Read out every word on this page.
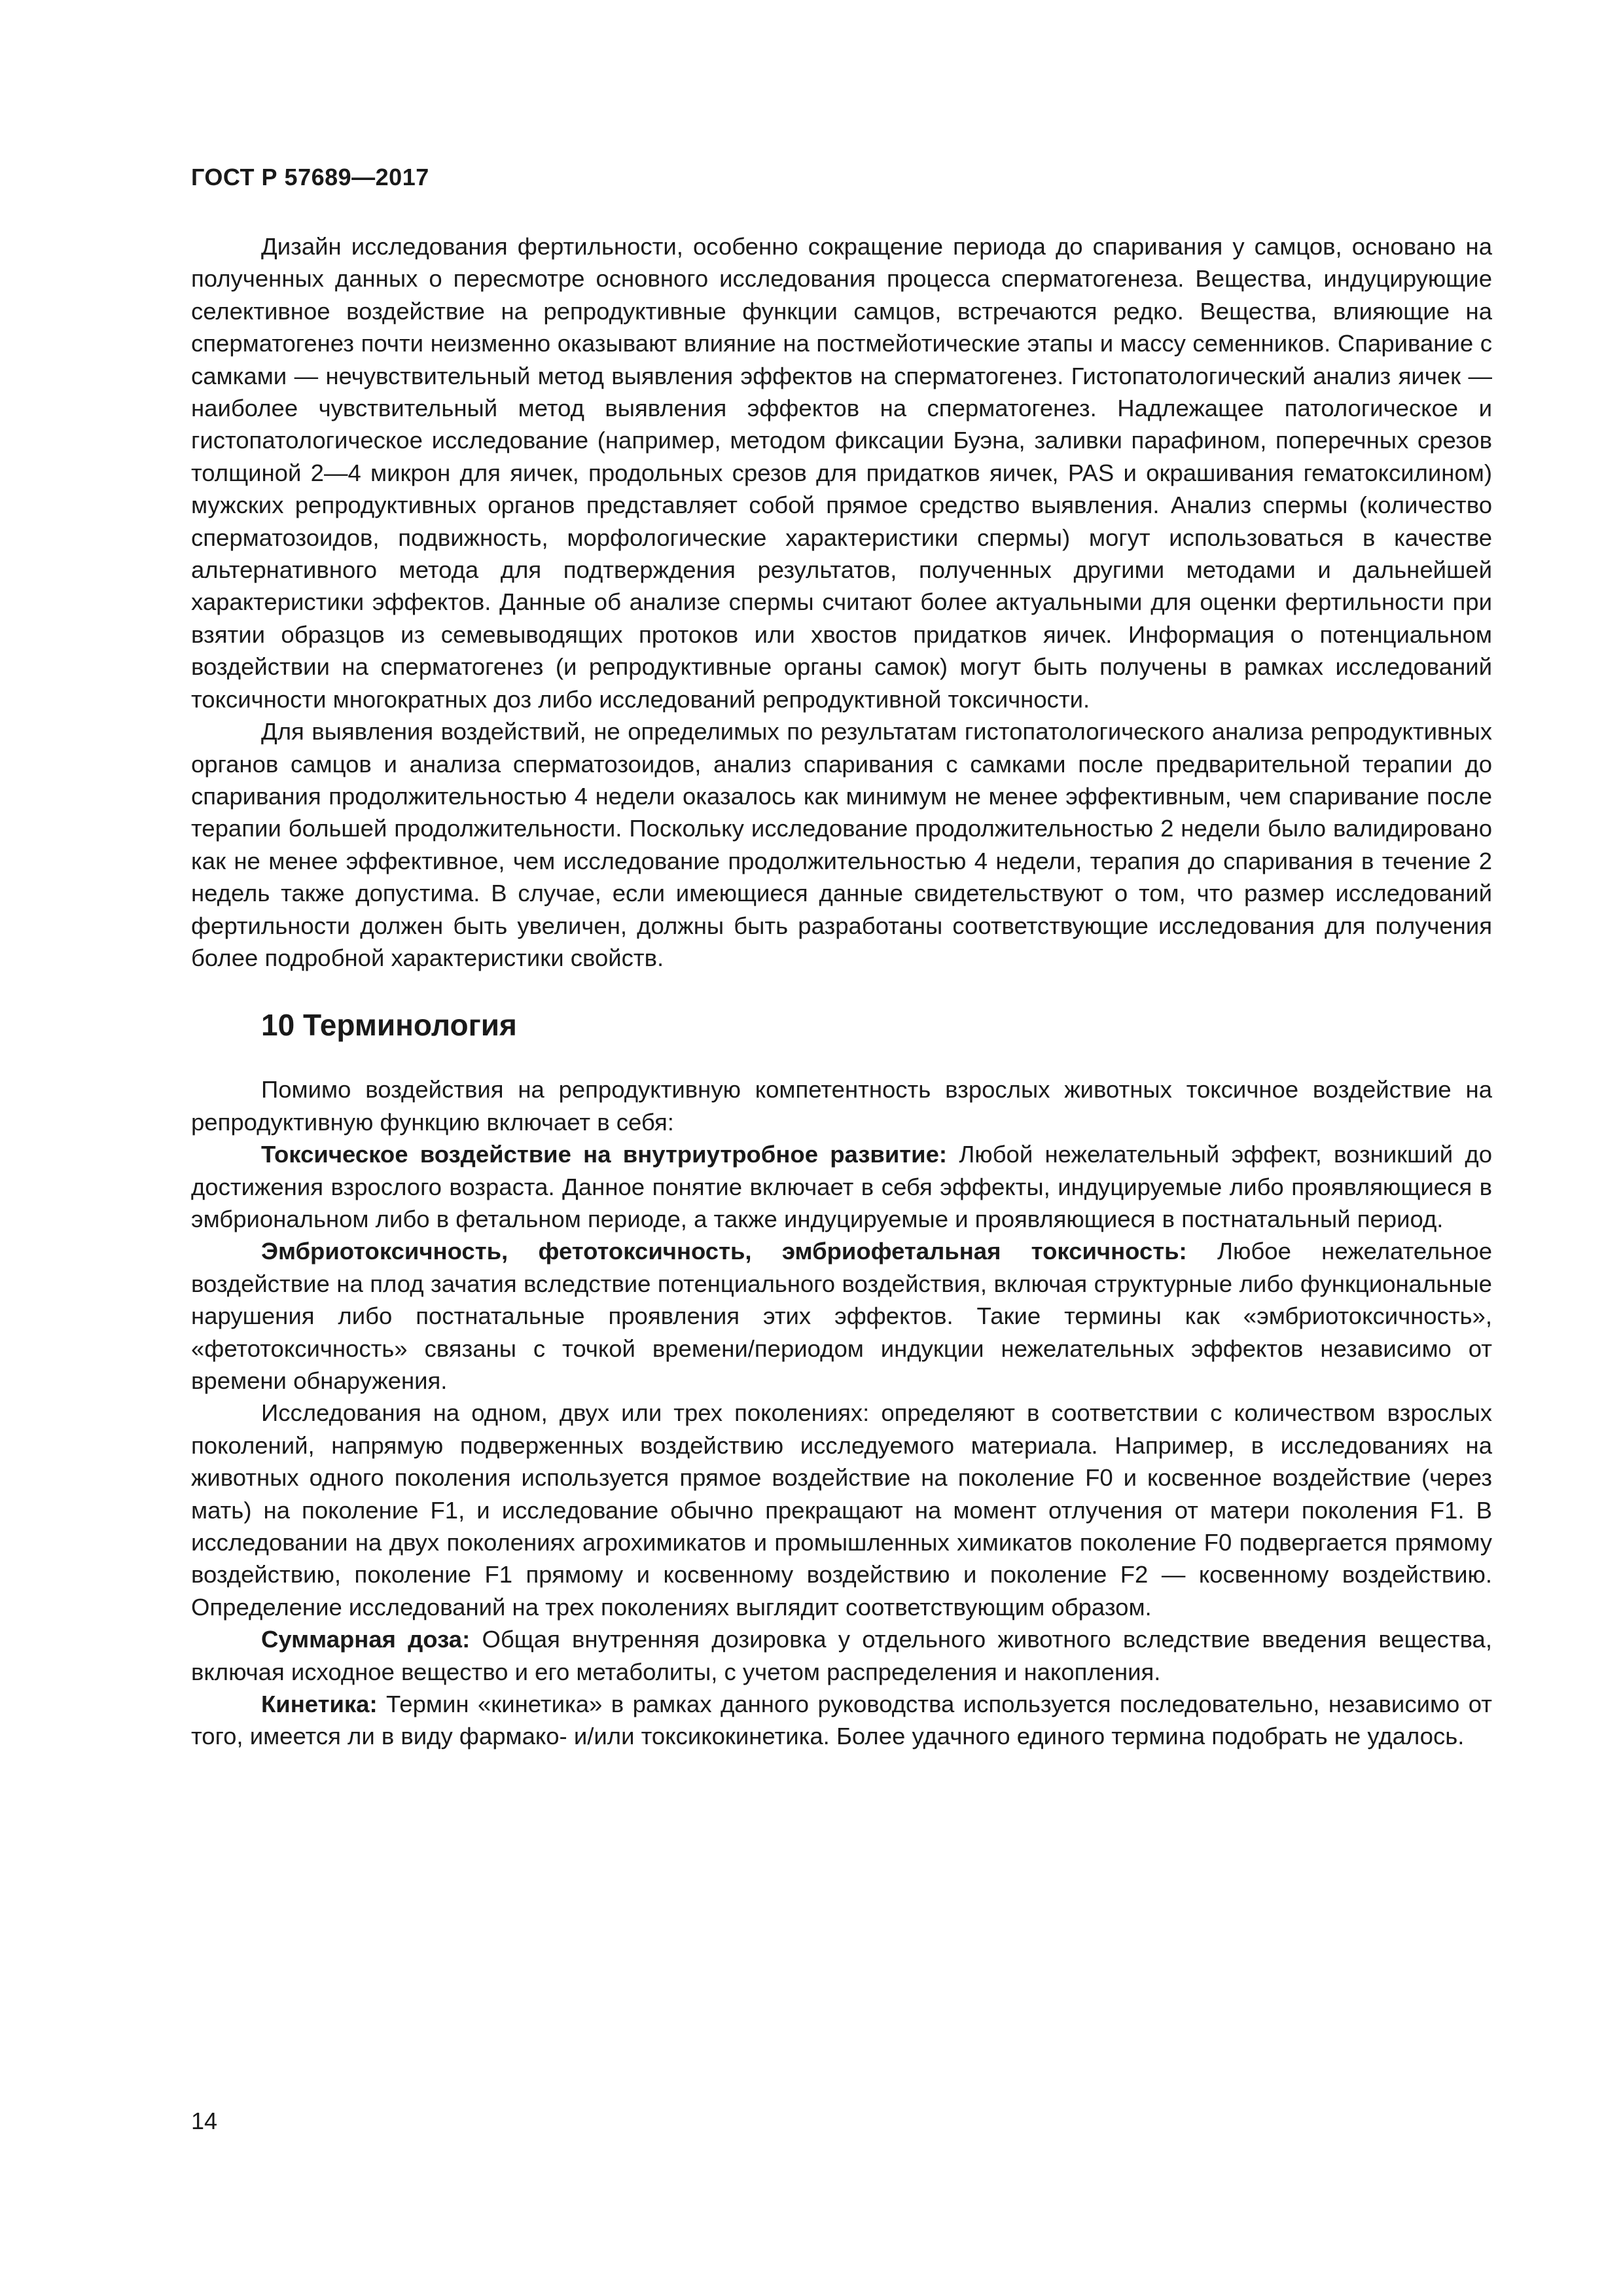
ГОСТ Р 57689—2017

Дизайн исследования фертильности, особенно сокращение периода до спаривания у самцов, основано на полученных данных о пересмотре основного исследования процесса сперматогенеза. Вещества, индуцирующие селективное воздействие на репродуктивные функции самцов, встречаются редко. Вещества, влияющие на сперматогенез почти неизменно оказывают влияние на постмейотические этапы и массу семенников. Спаривание с самками — нечувствительный метод выявления эффектов на сперматогенез. Гистопатологический анализ яичек — наиболее чувствительный метод выявления эффектов на сперматогенез. Надлежащее патологическое и гистопатологическое исследование (например, методом фиксации Буэна, заливки парафином, поперечных срезов толщиной 2—4 микрон для яичек, продольных срезов для придатков яичек, PAS и окрашивания гематоксилином) мужских репродуктивных органов представляет собой прямое средство выявления. Анализ спермы (количество сперматозоидов, подвижность, морфологические характеристики спермы) могут использоваться в качестве альтернативного метода для подтверждения результатов, полученных другими методами и дальнейшей характеристики эффектов. Данные об анализе спермы считают более актуальными для оценки фертильности при взятии образцов из семевыводящих протоков или хвостов придатков яичек. Информация о потенциальном воздействии на сперматогенез (и репродуктивные органы самок) могут быть получены в рамках исследований токсичности многократных доз либо исследований репродуктивной токсичности.

Для выявления воздействий, не определимых по результатам гистопатологического анализа репродуктивных органов самцов и анализа сперматозоидов, анализ спаривания с самками после предварительной терапии до спаривания продолжительностью 4 недели оказалось как минимум не менее эффективным, чем спаривание после терапии большей продолжительности. Поскольку исследование продолжительностью 2 недели было валидировано как не менее эффективное, чем исследование продолжительностью 4 недели, терапия до спаривания в течение 2 недель также допустима. В случае, если имеющиеся данные свидетельствуют о том, что размер исследований фертильности должен быть увеличен, должны быть разработаны соответствующие исследования для получения более подробной характеристики свойств.

10 Терминология

Помимо воздействия на репродуктивную компетентность взрослых животных токсичное воздействие на репродуктивную функцию включает в себя:

Токсическое воздействие на внутриутробное развитие: Любой нежелательный эффект, возникший до достижения взрослого возраста. Данное понятие включает в себя эффекты, индуцируемые либо проявляющиеся в эмбриональном либо в фетальном периоде, а также индуцируемые и проявляющиеся в постнатальный период.

Эмбриотоксичность, фетотоксичность, эмбриофетальная токсичность: Любое нежелательное воздействие на плод зачатия вследствие потенциального воздействия, включая структурные либо функциональные нарушения либо постнатальные проявления этих эффектов. Такие термины как «эмбриотоксичность», «фетотоксичность» связаны с точкой времени/периодом индукции нежелательных эффектов независимо от времени обнаружения.

Исследования на одном, двух или трех поколениях: определяют в соответствии с количеством взрослых поколений, напрямую подверженных воздействию исследуемого материала. Например, в исследованиях на животных одного поколения используется прямое воздействие на поколение F0 и косвенное воздействие (через мать) на поколение F1, и исследование обычно прекращают на момент отлучения от матери поколения F1. В исследовании на двух поколениях агрохимикатов и промышленных химикатов поколение F0 подвергается прямому воздействию, поколение F1 прямому и косвенному воздействию и поколение F2 — косвенному воздействию. Определение исследований на трех поколениях выглядит соответствующим образом.

Суммарная доза: Общая внутренняя дозировка у отдельного животного вследствие введения вещества, включая исходное вещество и его метаболиты, с учетом распределения и накопления.

Кинетика: Термин «кинетика» в рамках данного руководства используется последовательно, независимо от того, имеется ли в виду фармако- и/или токсикокинетика. Более удачного единого термина подобрать не удалось.

14
